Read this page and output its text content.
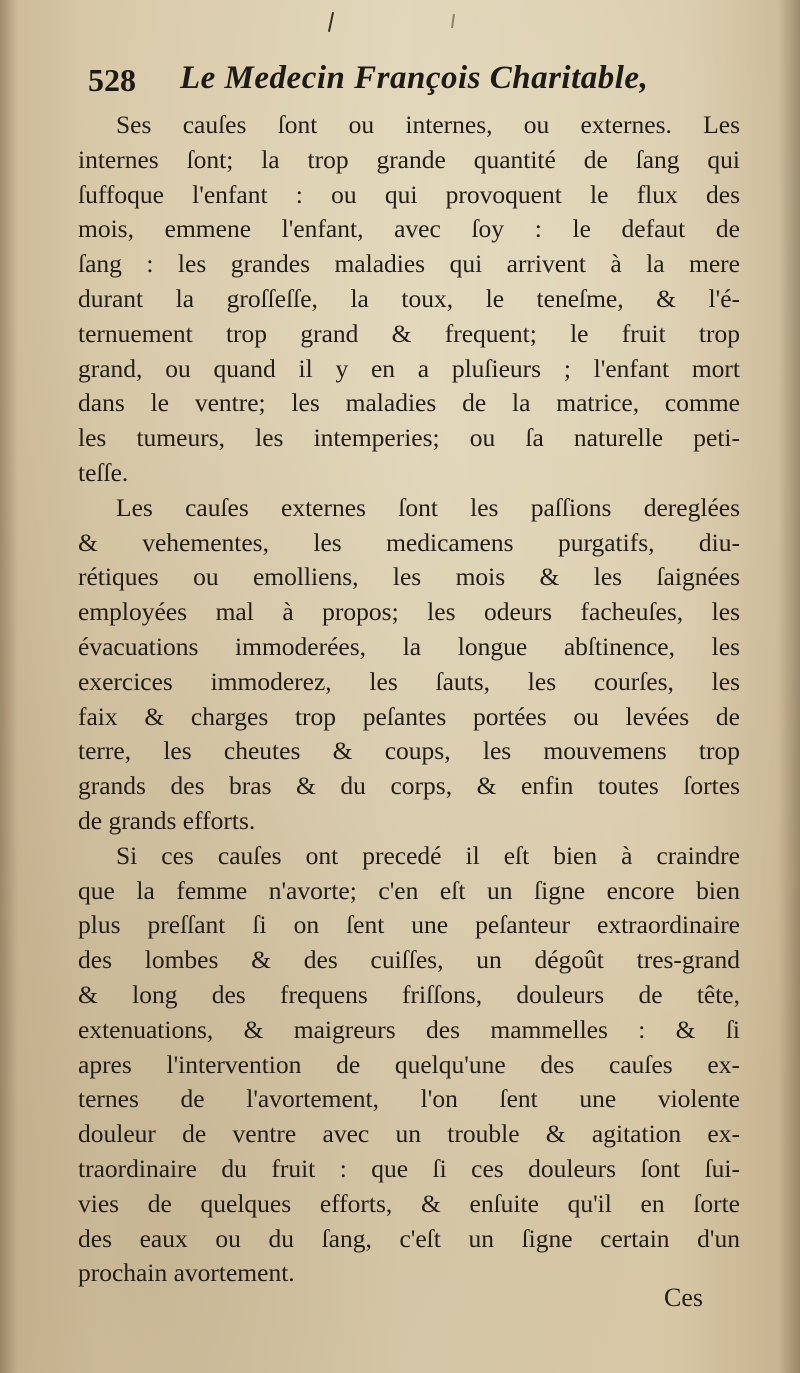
528 Le Medecin François Charitable,
Ses cauſes ſont ou internes, ou externes. Les
internes ſont; la trop grande quantité de ſang qui
ſuffoque l'enfant : ou qui provoquent le flux des
mois, emmene l'enfant, avec ſoy : le defaut de
ſang : les grandes maladies qui arrivent à la mere
durant la groſſeſſe, la toux, le teneſme, & l'é-
ternuement trop grand & frequent; le fruit trop
grand, ou quand il y en a pluſieurs ; l'enfant mort
dans le ventre; les maladies de la matrice, comme
les tumeurs, les intemperies; ou ſa naturelle peti-
teſſe.
Les cauſes externes ſont les paſſions dereglées
& vehementes, les medicamens purgatifs, diu-
rétiques ou emolliens, les mois & les ſaignées
employées mal à propos; les odeurs facheuſes, les
évacuations immoderées, la longue abſtinence, les
exercices immoderez, les ſauts, les courſes, les
faix & charges trop peſantes portées ou levées de
terre, les cheutes & coups, les mouvemens trop
grands des bras & du corps, & enfin toutes ſortes
de grands efforts.
Si ces cauſes ont precedé il eſt bien à craindre
que la femme n'avorte; c'en eſt un ſigne encore bien
plus preſſant ſi on ſent une peſanteur extraordinaire
des lombes & des cuiſſes, un dégoût tres-grand
& long des frequens friſſons, douleurs de tête,
extenuations, & maigreurs des mammelles : & ſi
apres l'intervention de quelqu'une des cauſes ex-
ternes de l'avortement, l'on ſent une violente
douleur de ventre avec un trouble & agitation ex-
traordinaire du fruit : que ſi ces douleurs ſont ſui-
vies de quelques efforts, & enſuite qu'il en ſorte
des eaux ou du ſang, c'eſt un ſigne certain d'un
prochain avortement.
Ces
